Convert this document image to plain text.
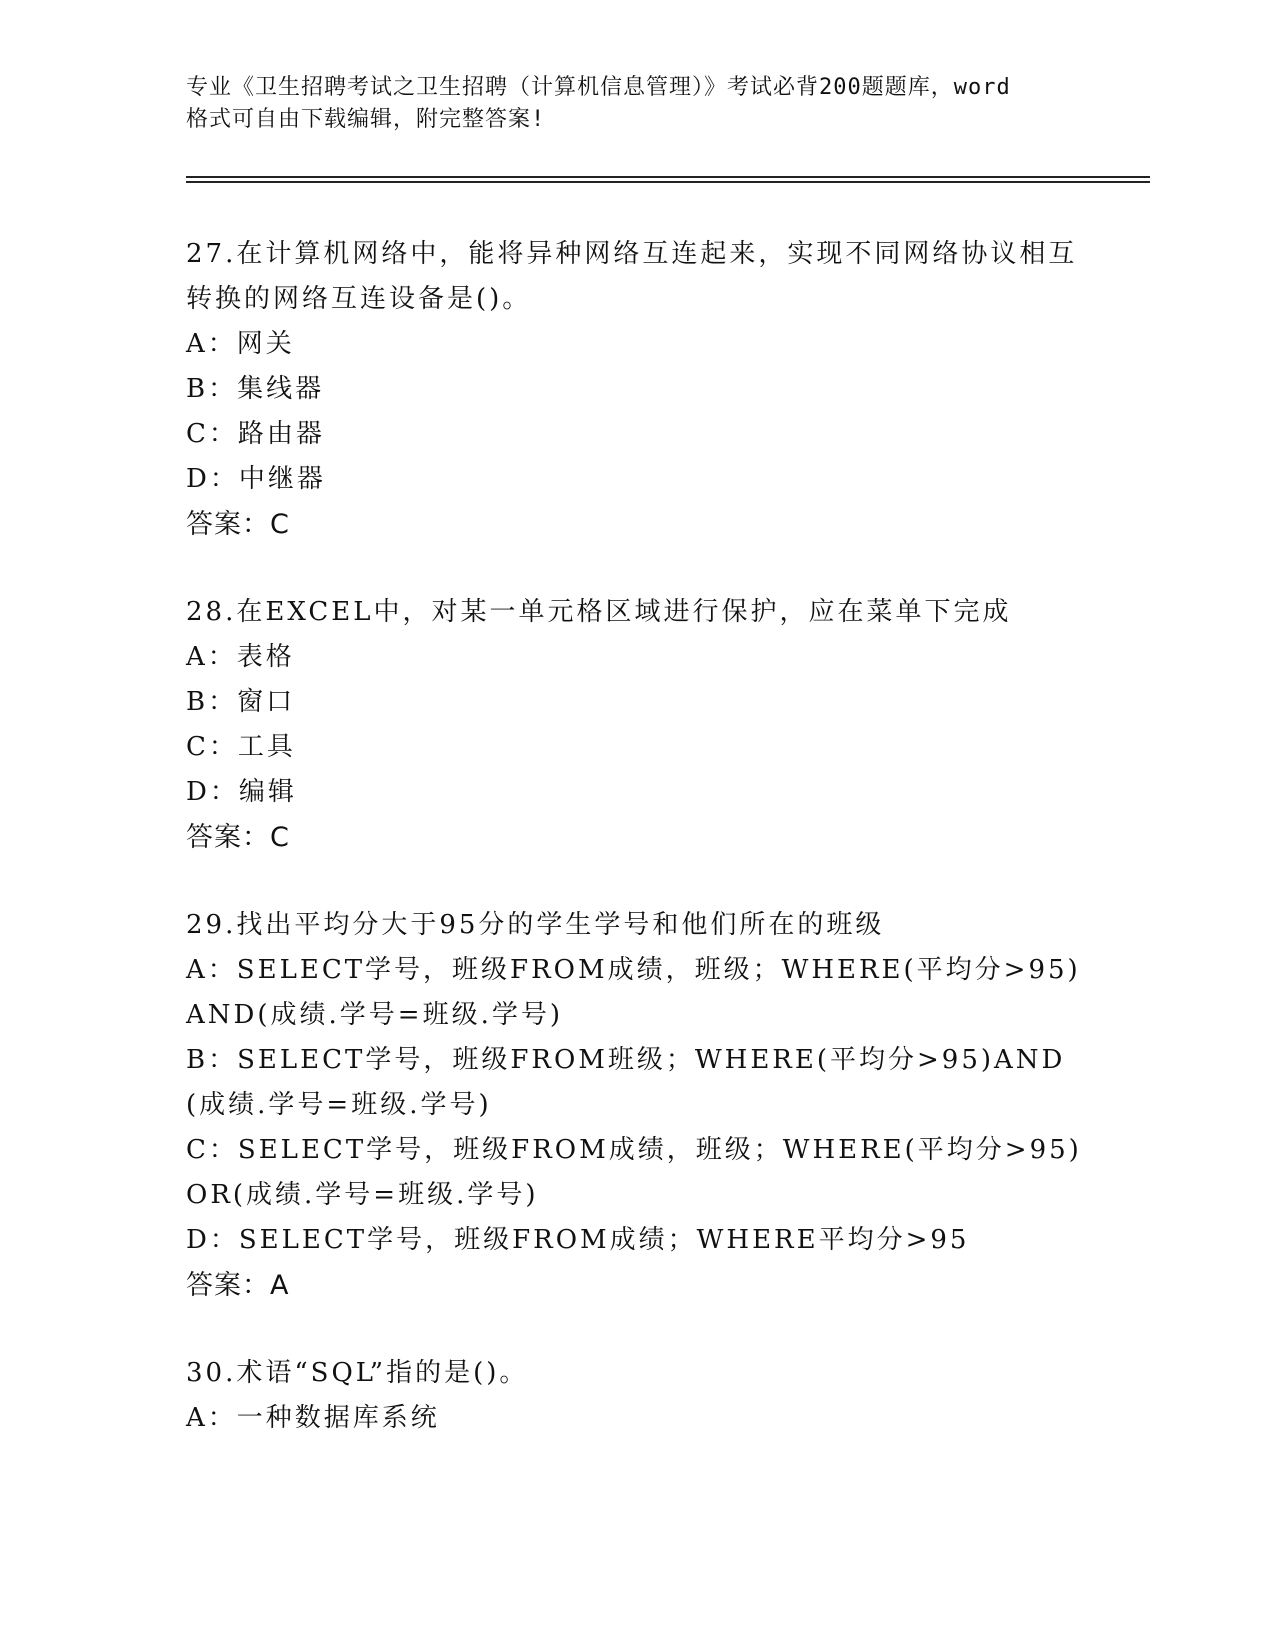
专业《卫生招聘考试之卫生招聘（计算机信息管理）》考试必背200题题库，word
格式可自由下载编辑，附完整答案!
27.在计算机网络中，能将异种网络互连起来，实现不同网络协议相互转换的网络互连设备是()。
A：网关
B：集线器
C：路由器
D：中继器
答案：C
28.在EXCEL中，对某一单元格区域进行保护，应在菜单下完成
A：表格
B：窗口
C：工具
D：编辑
答案：C
29.找出平均分大于95分的学生学号和他们所在的班级
A：SELECT学号，班级FROM成绩，班级；WHERE(平均分>95)AND(成绩.学号=班级.学号)
B：SELECT学号，班级FROM班级；WHERE(平均分>95)AND(成绩.学号=班级.学号)
C：SELECT学号，班级FROM成绩，班级；WHERE(平均分>95)OR(成绩.学号=班级.学号)
D：SELECT学号，班级FROM成绩；WHERE平均分>95
答案：A
30.术语“SQL”指的是()。
A：一种数据库系统
